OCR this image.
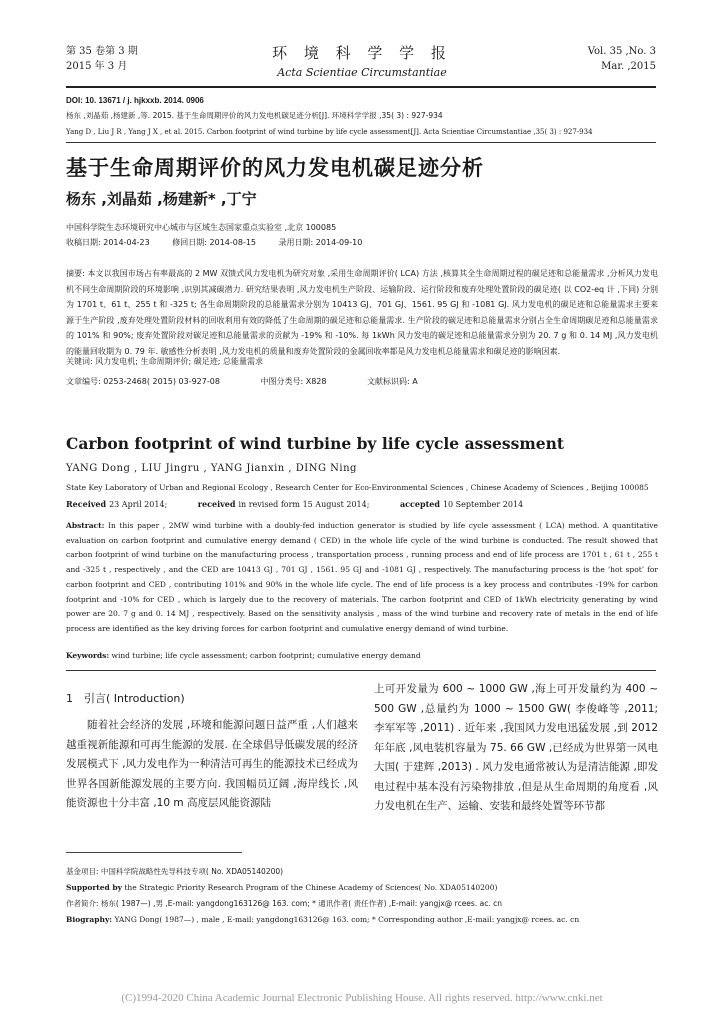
第 35 卷第 3 期
2015 年 3 月
环 境 科 学 学 报
Acta Scientiae Circumstantiae
Vol. 35 ,No. 3
Mar. ,2015
DOI: 10. 13671 / j. hjkxxb. 2014. 0906
杨东 ,刘晶茹 ,杨建新 ,等. 2015. 基于生命周期评价的风力发电机碳足迹分析[J]. 环境科学学报 ,35( 3) : 927-934
Yang D , Liu J R , Yang J X , et al. 2015. Carbon footprint of wind turbine by life cycle assessment[J]. Acta Scientiae Circumstantiae ,35( 3) : 927-934
基于生命周期评价的风力发电机碳足迹分析
杨东 ,刘晶茹 ,杨建新* ,丁宁
中国科学院生态环境研究中心城市与区域生态国家重点实验室 ,北京 100085
收稿日期: 2014-04-23	修回日期: 2014-08-15	录用日期: 2014-09-10
摘要: 本文以我国市场占有率最高的 2 MW 双馈式风力发电机为研究对象 ,采用生命周期评价( LCA) 方法 ,核算其全生命周期过程的碳足迹和总能量需求 ,分析风力发电机不同生命周期阶段的环境影响 ,识别其减碳潜力. 研究结果表明 ,风力发电机生产阶段、运输阶段、运行阶段和废弃处理处置阶段的碳足迹( 以 CO2-eq 计 ,下同) 分别为 1701 t、61 t、255 t 和 -325 t; 各生命周期阶段的总能量需求分别为 10413 GJ、701 GJ、1561. 95 GJ 和 -1081 GJ. 风力发电机的碳足迹和总能量需求主要来源于生产阶段 ,废弃处理处置阶段材料的回收利用有效的降低了生命周期的碳足迹和总能量需求. 生产阶段的碳足迹和总能量需求分别占全生命周期碳足迹和总能量需求的 101% 和 90%; 废弃处置阶段对碳足迹和总能量需求的贡献为 -19% 和 -10%. 每 1kWh 风力发电的碳足迹和总能量需求分别为 20. 7 g 和 0. 14 MJ ,风力发电机的能量回收期为 0. 79 年. 敏感性分析表明 ,风力发电机的质量和废弃处置阶段的金属回收率都是风力发电机总能量需求和碳足迹的影响因素.
关键词: 风力发电机; 生命周期评价; 碳足迹; 总能量需求
文章编号: 0253-2468( 2015) 03-927-08	中图分类号: X828	文献标识码: A
Carbon footprint of wind turbine by life cycle assessment
YANG Dong , LIU Jingru , YANG Jianxin , DING Ning
State Key Laboratory of Urban and Regional Ecology , Research Center for Eco-Environmental Sciences , Chinese Academy of Sciences , Beijing 100085
Received 23 April 2014;	received in revised form 15 August 2014;	accepted 10 September 2014
Abstract: In this paper , 2MW wind turbine with a doubly-fed induction generator is studied by life cycle assessment ( LCA) method. A quantitative evaluation on carbon footprint and cumulative energy demand ( CED) in the whole life cycle of the wind turbine is conducted. The result showed that carbon footprint of wind turbine on the manufacturing process , transportation process , running process and end of life process are 1701 t , 61 t , 255 t and -325 t , respectively , and the CED are 10413 GJ , 701 GJ , 1561. 95 GJ and -1081 GJ , respectively. The manufacturing process is the ‘hot spot’ for carbon footprint and CED , contributing 101% and 90% in the whole life cycle. The end of life process is a key process and contributes -19% for carbon footprint and -10% for CED , which is largely due to the recovery of materials. The carbon footprint and CED of 1kWh electricity generating by wind power are 20. 7 g and 0. 14 MJ , respectively. Based on the sensitivity analysis , mass of the wind turbine and recovery rate of metals in the end of life process are identified as the key driving forces for carbon footprint and cumulative energy demand of wind turbine.
Keywords: wind turbine; life cycle assessment; carbon footprint; cumulative energy demand
1　引言( Introduction)

随着社会经济的发展 ,环境和能源问题日益严重 ,人们越来越重视新能源和可再生能源的发展. 在全球倡导低碳发展的经济发展模式下 ,风力发电作为一种清洁可再生的能源技术已经成为世界各国新能源发展的主要方向. 我国幅员辽阔 ,海岸线长 ,风能资源也十分丰富 ,10 m 高度层风能资源陆

上可开发量为 600 ~ 1000 GW ,海上可开发量约为 400 ~ 500 GW ,总量约为 1000 ~ 1500 GW( 李俊峰等 ,2011; 李军军等 ,2011) . 近年来 ,我国风力发电迅猛发展 ,到 2012 年年底 ,风电装机容量为 75. 66 GW ,已经成为世界第一风电大国( 于建辉 ,2013) . 风力发电通常被认为是清洁能源 ,即发电过程中基本没有污染物排放 ,但是从生命周期的角度看 ,风力发电机在生产、运输、安装和最终处置等环节都

基金项目: 中国科学院战略性先导科技专项( No. XDA05140200)
Supported by the Strategic Priority Research Program of the Chinese Academy of Sciences( No. XDA05140200)
作者简介: 杨东( 1987—) ,男 ,E-mail: yangdong163126@ 163. com; * 通讯作者( 责任作者) ,E-mail: yangjx@ rcees. ac. cn
Biography: YANG Dong( 1987—) , male , E-mail: yangdong163126@ 163. com; * Corresponding author ,E-mail: yangjx@ rcees. ac. cn
(C)1994-2020 China Academic Journal Electronic Publishing House. All rights reserved. http://www.cnki.net
